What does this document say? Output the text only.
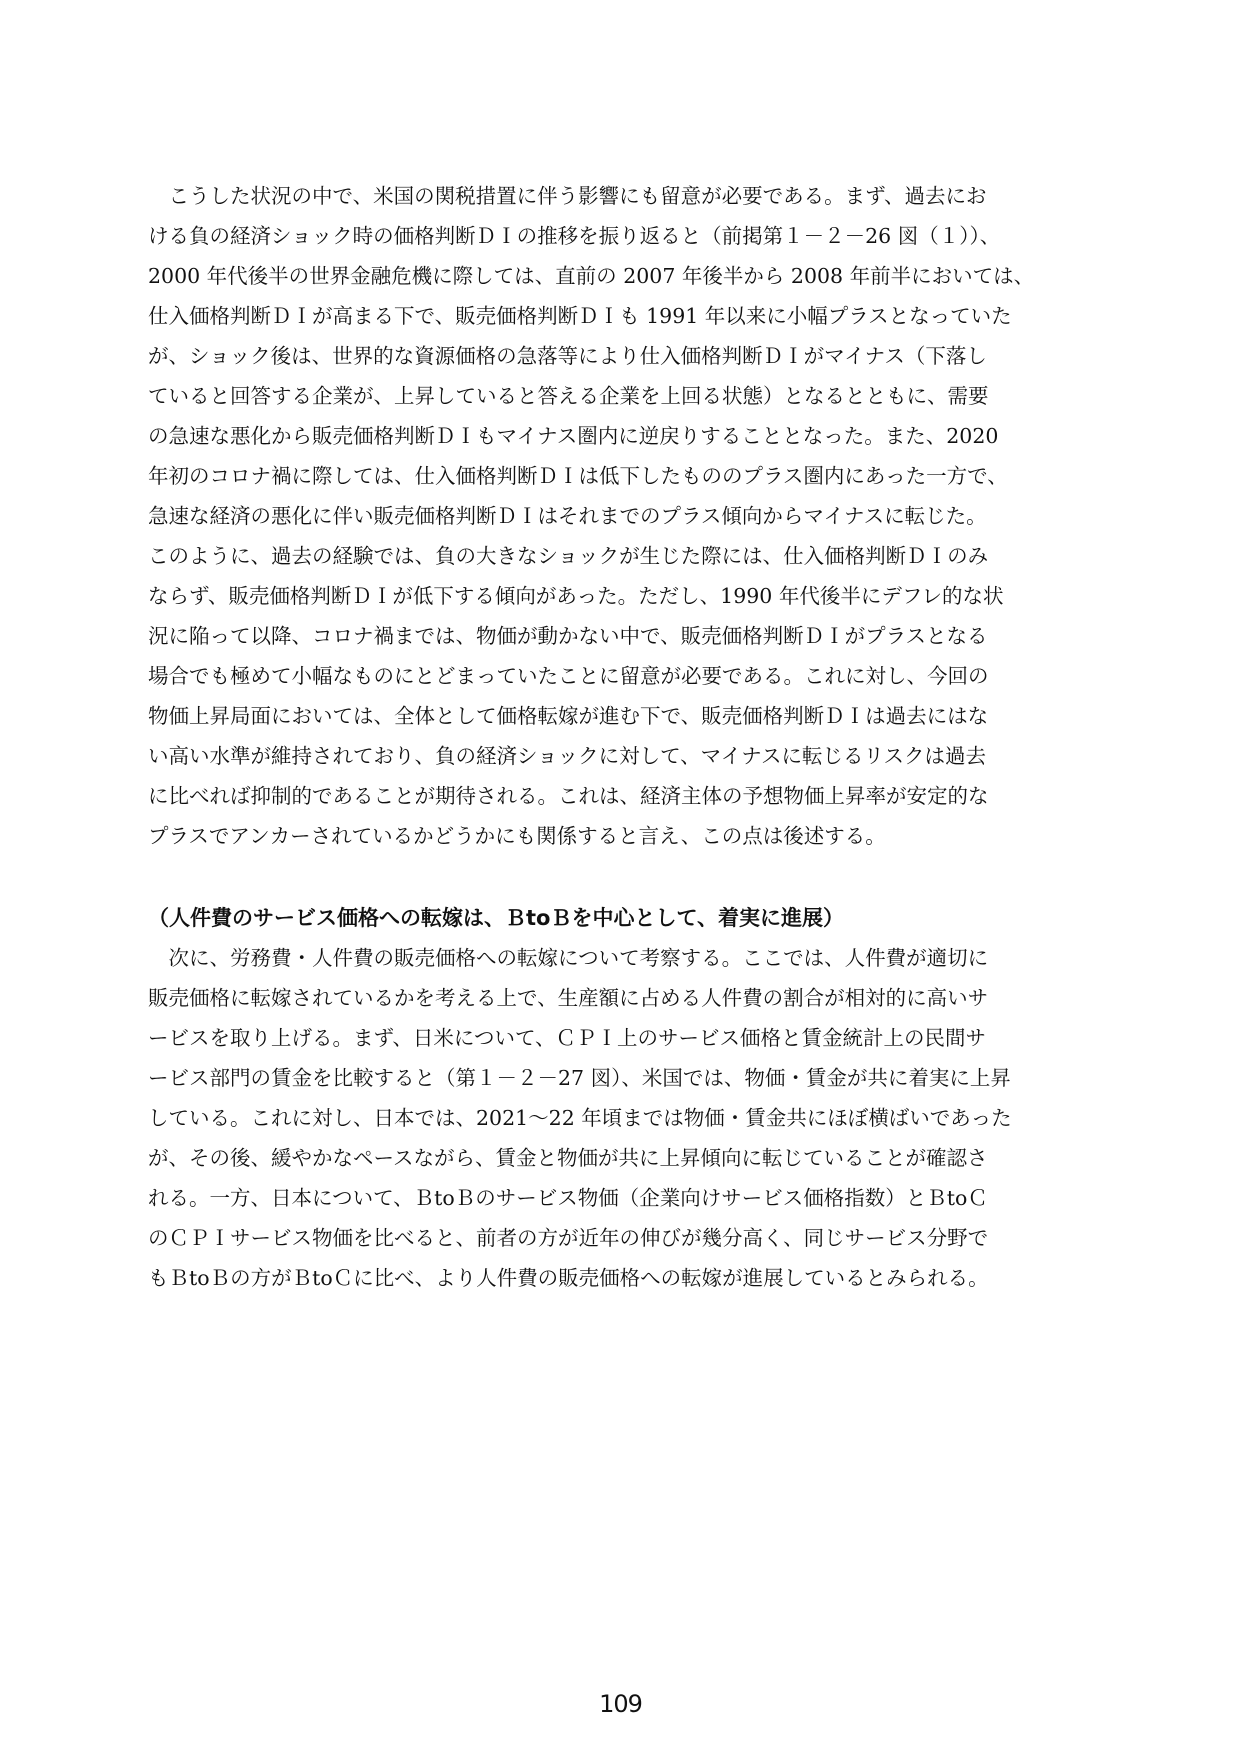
　こうした状況の中で、米国の関税措置に伴う影響にも留意が必要である。まず、過去にお
ける負の経済ショック時の価格判断ＤＩの推移を振り返ると（前掲第１－２－26 図（１））、
2000 年代後半の世界金融危機に際しては、直前の 2007 年後半から 2008 年前半においては、
仕入価格判断ＤＩが高まる下で、販売価格判断ＤＩも 1991 年以来に小幅プラスとなっていた
が、ショック後は、世界的な資源価格の急落等により仕入価格判断ＤＩがマイナス（下落し
ていると回答する企業が、上昇していると答える企業を上回る状態）となるとともに、需要
の急速な悪化から販売価格判断ＤＩもマイナス圏内に逆戻りすることとなった。また、2020
年初のコロナ禍に際しては、仕入価格判断ＤＩは低下したもののプラス圏内にあった一方で、
急速な経済の悪化に伴い販売価格判断ＤＩはそれまでのプラス傾向からマイナスに転じた。
このように、過去の経験では、負の大きなショックが生じた際には、仕入価格判断ＤＩのみ
ならず、販売価格判断ＤＩが低下する傾向があった。ただし、1990 年代後半にデフレ的な状
況に陥って以降、コロナ禍までは、物価が動かない中で、販売価格判断ＤＩがプラスとなる
場合でも極めて小幅なものにとどまっていたことに留意が必要である。これに対し、今回の
物価上昇局面においては、全体として価格転嫁が進む下で、販売価格判断ＤＩは過去にはな
い高い水準が維持されており、負の経済ショックに対して、マイナスに転じるリスクは過去
に比べれば抑制的であることが期待される。これは、経済主体の予想物価上昇率が安定的な
プラスでアンカーされているかどうかにも関係すると言え、この点は後述する。
（人件費のサービス価格への転嫁は、ＢtoＢを中心として、着実に進展）
　次に、労務費・人件費の販売価格への転嫁について考察する。ここでは、人件費が適切に
販売価格に転嫁されているかを考える上で、生産額に占める人件費の割合が相対的に高いサ
ービスを取り上げる。まず、日米について、ＣＰＩ上のサービス価格と賃金統計上の民間サ
ービス部門の賃金を比較すると（第１－２－27 図）、米国では、物価・賃金が共に着実に上昇
している。これに対し、日本では、2021～22 年頃までは物価・賃金共にほぼ横ばいであった
が、その後、緩やかなペースながら、賃金と物価が共に上昇傾向に転じていることが確認さ
れる。一方、日本について、ＢtoＢのサービス物価（企業向けサービス価格指数）とＢtoＣ
のＣＰＩサービス物価を比べると、前者の方が近年の伸びが幾分高く、同じサービス分野で
もＢtoＢの方がＢtoＣに比べ、より人件費の販売価格への転嫁が進展しているとみられる。
109
